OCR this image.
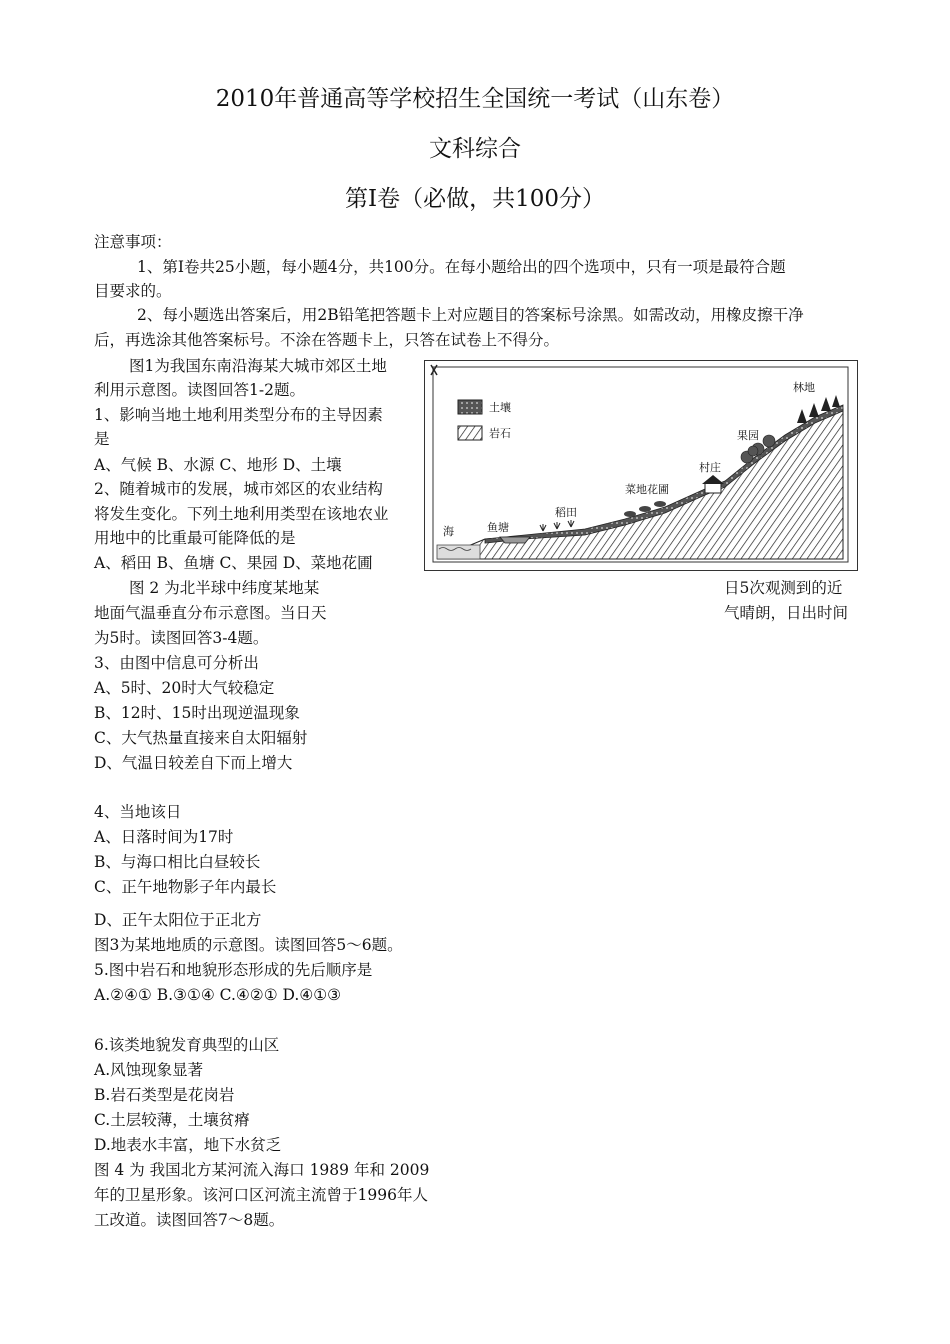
2010年普通高等学校招生全国统一考试（山东卷）
文科综合
第Ⅰ卷（必做，共100分）
注意事项：
1、第Ⅰ卷共25小题，每小题4分，共100分。在每小题给出的四个选项中，只有一项是最符合题
目要求的。
2、每小题选出答案后，用2B铅笔把答题卡上对应题目的答案标号涂黑。如需改动，用橡皮擦干净
后，再选涂其他答案标号。不涂在答题卡上，只答在试卷上不得分。
图1为我国东南沿海某大城市郊区土地
利用示意图。读图回答1-2题。
1、影响当地土地利用类型分布的主导因素
是
A、气候 B、水源 C、地形 D、土壤
2、随着城市的发展，城市郊区的农业结构
将发生变化。下列土地利用类型在该地农业
用地中的比重最可能降低的是
A、稻田 B、鱼塘 C、果园 D、菜地花圃
图 2 为北半球中纬度某地某	日5次观测到的近
地面气温垂直分布示意图。当日天	气晴朗，日出时间
为5时。读图回答3-4题。
3、由图中信息可分析出
A、5时、20时大气较稳定
B、12时、15时出现逆温现象
C、大气热量直接来自太阳辐射
D、气温日较差自下而上增大
4、当地该日
A、日落时间为17时
B、与海口相比白昼较长
C、正午地物影子年内最长
D、正午太阳位于正北方
图3为某地地质的示意图。读图回答5～6题。
5.图中岩石和地貌形态形成的先后顺序是
A.②④① B.③①④ C.④②① D.④①③
6.该类地貌发育典型的山区
A.风蚀现象显著
B.岩石类型是花岗岩
C.土层较薄，土壤贫瘠
D.地表水丰富，地下水贫乏
图 4 为 我国北方某河流入海口 1989 年和 2009
年的卫星形象。该河口区河流主流曾于1996年人
工改道。读图回答7～8题。
土壤
岩石
海	鱼塘
稻田
菜地花圃
村庄
果园
林地
